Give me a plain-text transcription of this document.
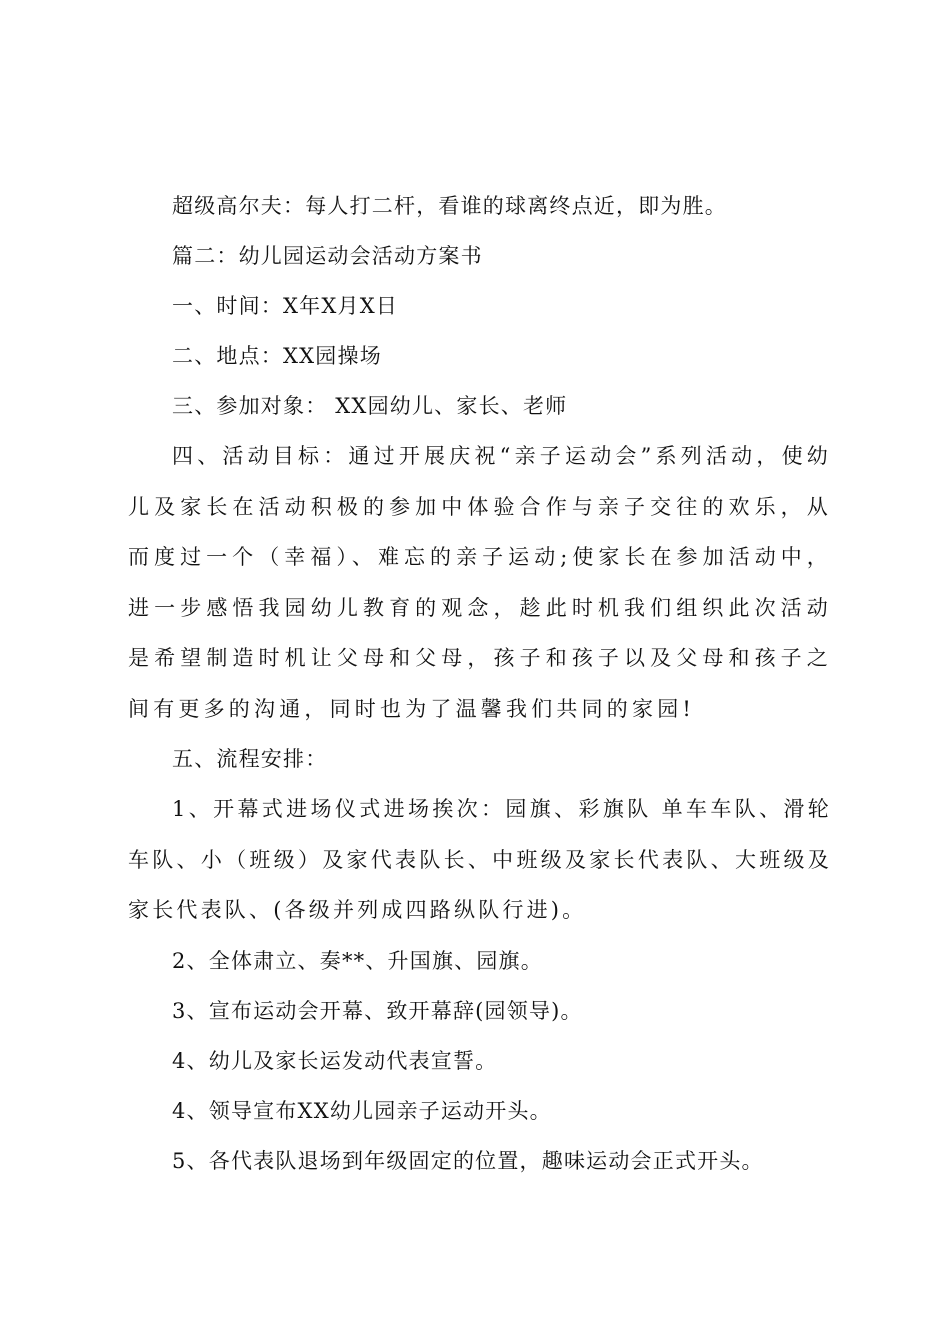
超级高尔夫：每人打二杆，看谁的球离终点近，即为胜。

篇二：幼儿园运动会活动方案书

一、时间：X年X月X日

二、地点：XX园操场

三、参加对象： XX园幼儿、家长、老师

四、活动目标：通过开展庆祝“亲子运动会”系列活动，使幼儿及家长在活动积极的参加中体验合作与亲子交往的欢乐，从而度过一个（幸福）、难忘的亲子运动;使家长在参加活动中，进一步感悟我园幼儿教育的观念，趁此时机我们组织此次活动是希望制造时机让父母和父母，孩子和孩子以及父母和孩子之间有更多的沟通，同时也为了温馨我们共同的家园!

五、流程安排：

1、开幕式进场仪式进场挨次：园旗、彩旗队 单车车队、滑轮车队、小（班级）及家代表队长、中班级及家长代表队、大班级及家长代表队、(各级并列成四路纵队行进)。

2、全体肃立、奏**、升国旗、园旗。

3、宣布运动会开幕、致开幕辞(园领导)。

4、幼儿及家长运发动代表宣誓。

4、领导宣布XX幼儿园亲子运动开头。

5、各代表队退场到年级固定的位置，趣味运动会正式开头。
